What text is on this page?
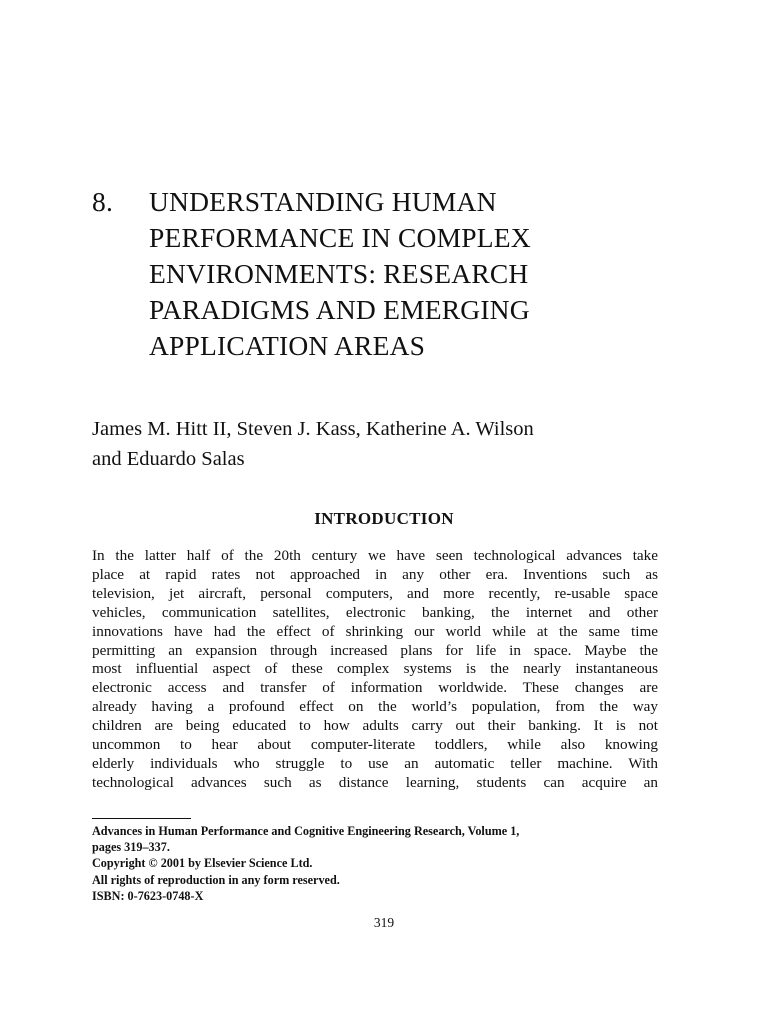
8.	UNDERSTANDING HUMAN
PERFORMANCE IN COMPLEX
ENVIRONMENTS: RESEARCH
PARADIGMS AND EMERGING
APPLICATION AREAS
James M. Hitt II, Steven J. Kass, Katherine A. Wilson
and Eduardo Salas
INTRODUCTION
In the latter half of the 20th century we have seen technological advances take
place at rapid rates not approached in any other era. Inventions such as
television, jet aircraft, personal computers, and more recently, re-usable space
vehicles, communication satellites, electronic banking, the internet and other
innovations have had the effect of shrinking our world while at the same time
permitting an expansion through increased plans for life in space. Maybe the
most influential aspect of these complex systems is the nearly instantaneous
electronic access and transfer of information worldwide. These changes are
already having a profound effect on the world’s population, from the way
children are being educated to how adults carry out their banking. It is not
uncommon to hear about computer-literate toddlers, while also knowing
elderly individuals who struggle to use an automatic teller machine. With
technological advances such as distance learning, students can acquire an
Advances in Human Performance and Cognitive Engineering Research, Volume 1,
pages 319–337.
Copyright © 2001 by Elsevier Science Ltd.
All rights of reproduction in any form reserved.
ISBN: 0-7623-0748-X
319
